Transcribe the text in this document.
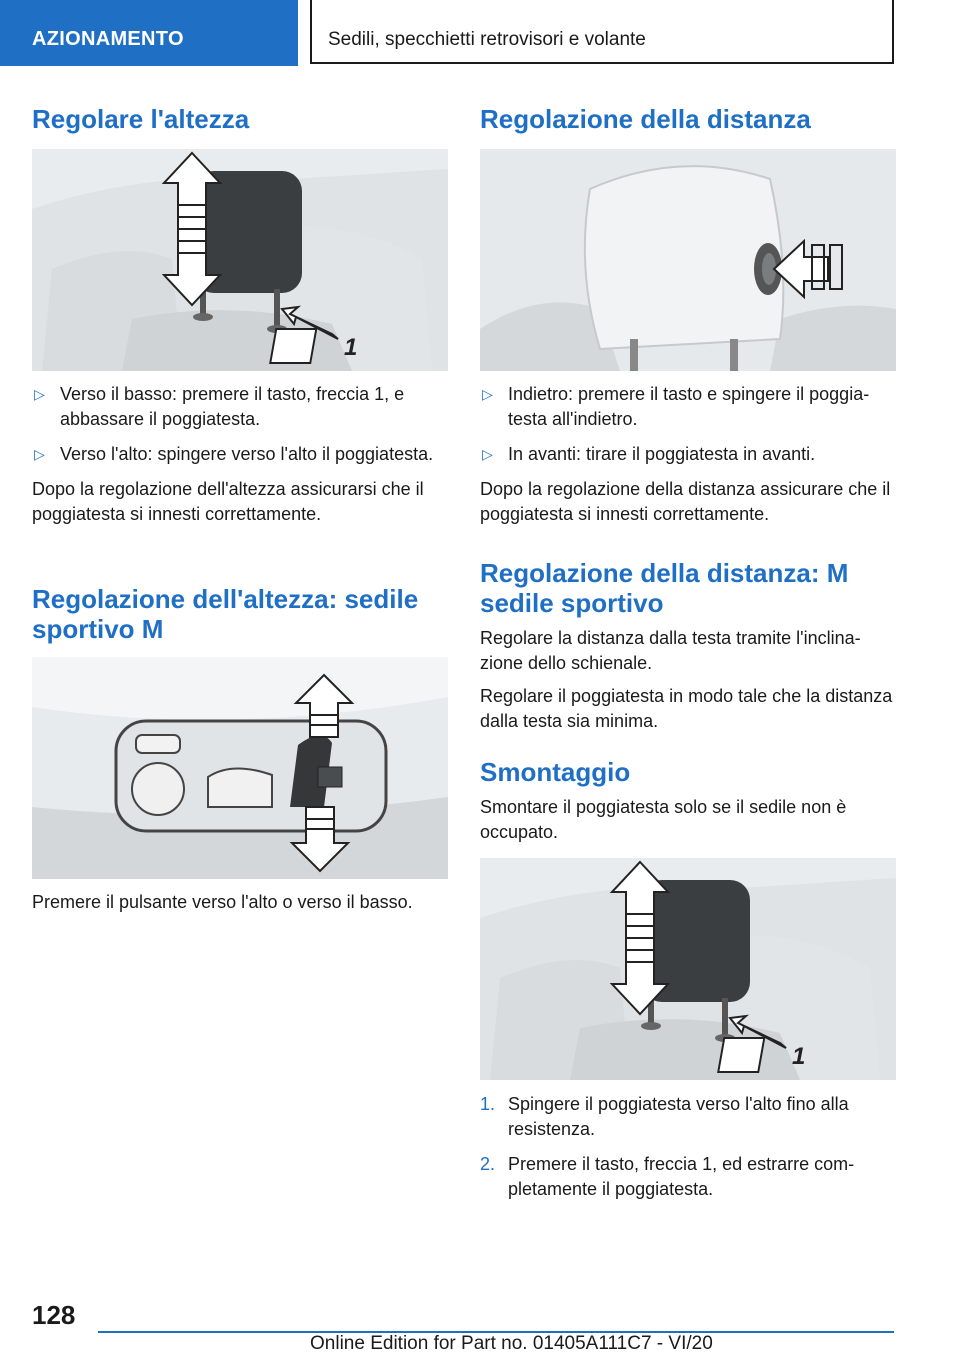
AZIONAMENTO	Sedili, specchietti retrovisori e volante
Regolare l'altezza
1
▷ Verso il basso: premere il tasto, freccia 1, e abbassare il poggiatesta.
▷ Verso l'alto: spingere verso l'alto il poggiatesta.

Dopo la regolazione dell'altezza assicurarsi che il poggiatesta si innesti correttamente.

Regolazione dell'altezza: sedile sportivo M

Premere il pulsante verso l'alto o verso il basso.

Regolazione della distanza
▷ Indietro: premere il tasto e spingere il poggiatesta all'indietro.
▷ In avanti: tirare il poggiatesta in avanti.

Dopo la regolazione della distanza assicurare che il poggiatesta si innesti correttamente.

Regolazione della distanza: M sedile sportivo

Regolare la distanza dalla testa tramite l'inclinazione dello schienale.

Regolare il poggiatesta in modo tale che la distanza dalla testa sia minima.

Smontaggio

Smontare il poggiatesta solo se il sedile non è occupato.

1
1. Spingere il poggiatesta verso l'alto fino alla resistenza.
2. Premere il tasto, freccia 1, ed estrarre completamente il poggiatesta.
128
Online Edition for Part no. 01405A111C7 - VI/20
